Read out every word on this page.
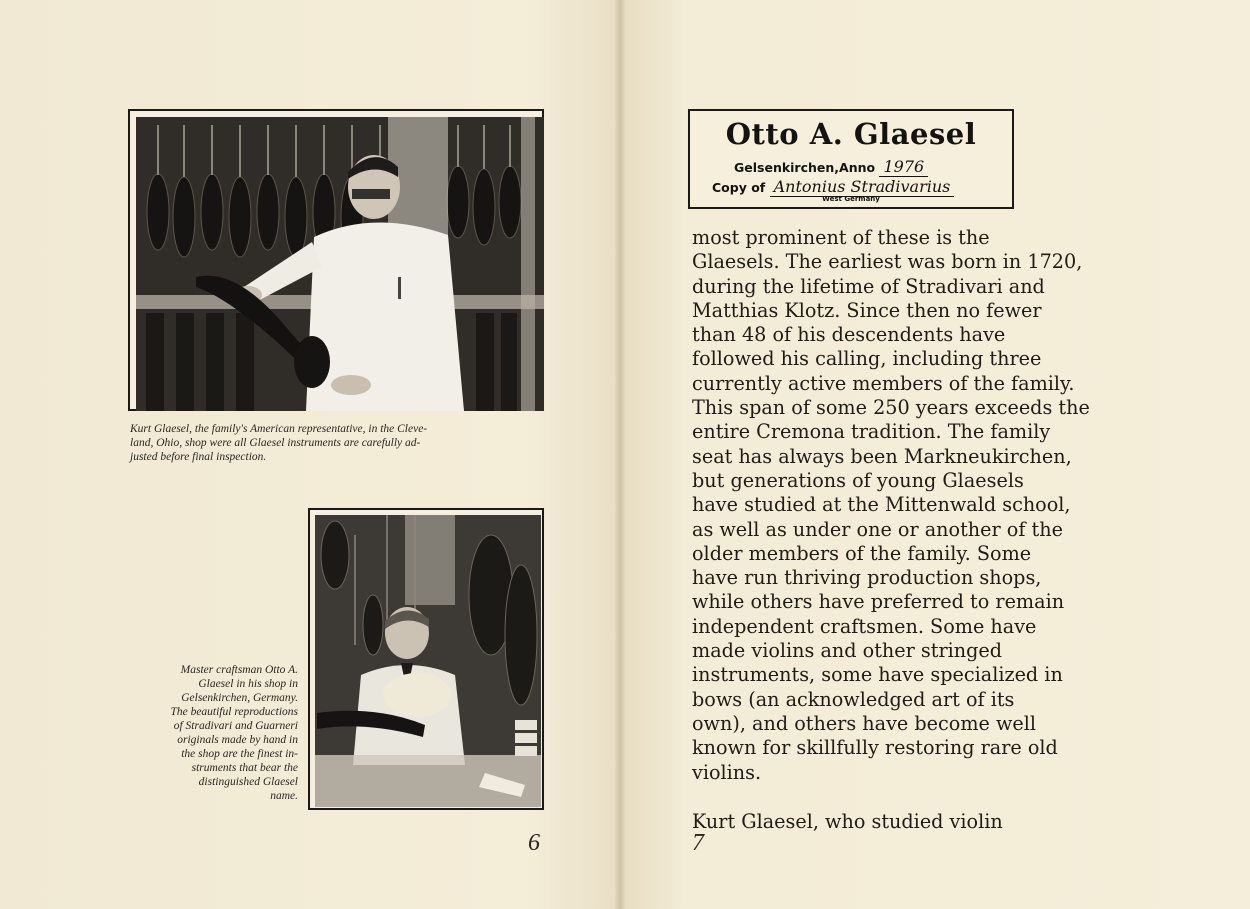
Kurt Glaesel, the family's American representative, in the Cleve-
land, Ohio, shop were all Glaesel instruments are carefully ad-
justed before final inspection.
Master craftsman Otto A.
Glaesel in his shop in
Gelsenkirchen, Germany.
The beautiful reproductions
of Stradivari and Guarneri
originals made by hand in
the shop are the finest in-
struments that bear the
distinguished Glaesel
name.
6
Otto A. Glaesel
Gelsenkirchen,Anno 1976
Copy of Antonius Stradivarius
West Germany

most prominent of these is the

Glaesels. The earliest was born in 1720,

during the lifetime of Stradivari and

Matthias Klotz. Since then no fewer

than 48 of his descendents have

followed his calling, including three

currently active members of the family.

This span of some 250 years exceeds the

entire Cremona tradition. The family

seat has always been Markneukirchen,

but generations of young Glaesels

have studied at the Mittenwald school,

as well as under one or another of the

older members of the family. Some

have run thriving production shops,

while others have preferred to remain

independent craftsmen. Some have

made violins and other stringed

instruments, some have specialized in

bows (an acknowledged art of its

own), and others have become well

known for skillfully restoring rare old

violins.

Kurt Glaesel, who studied violin

7
